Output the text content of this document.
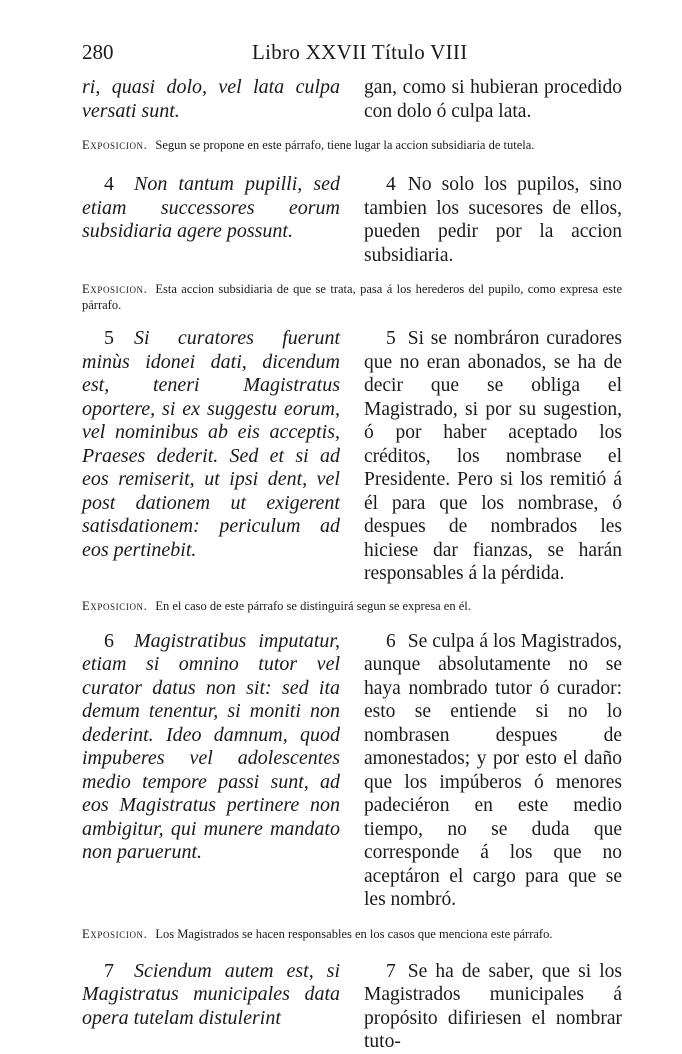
280	Libro XXVII Título VIII

ri, quasi dolo, vel lata culpa versati sunt.

gan, como si hubieran procedido con dolo ó culpa lata.

Exposicion. Segun se propone en este párrafo, tiene lugar la accion subsidiaria de tutela.

4 Non tantum pupilli, sed etiam successores eorum subsidiaria agere possunt.

4 No solo los pupilos, sino tambien los sucesores de ellos, pueden pedir por la accion subsidiaria.

Exposicion. Esta accion subsidiaria de que se trata, pasa á los herederos del pupilo, como expresa este párrafo.

5 Si curatores fuerunt minùs idonei dati, dicendum est, teneri Magistratus oportere, si ex suggestu eorum, vel nominibus ab eis acceptis, Praeses dederit. Sed et si ad eos remiserit, ut ipsi dent, vel post dationem ut exigerent satisdationem: periculum ad eos pertinebit.

5 Si se nombráron curadores que no eran abonados, se ha de decir que se obliga el Magistrado, si por su sugestion, ó por haber aceptado los créditos, los nombrase el Presidente. Pero si los remitió á él para que los nombrase, ó despues de nombrados les hiciese dar fianzas, se harán responsables á la pérdida.

Exposicion. En el caso de este párrafo se distinguirá segun se expresa en él.

6 Magistratibus imputatur, etiam si omnino tutor vel curator datus non sit: sed ita demum tenentur, si moniti non dederint. Ideo damnum, quod impuberes vel adolescentes medio tempore passi sunt, ad eos Magistratus pertinere non ambigitur, qui munere mandato non paruerunt.

6 Se culpa á los Magistrados, aunque absolutamente no se haya nombrado tutor ó curador: esto se entiende si no lo nombrasen despues de amonestados; y por esto el daño que los impúberos ó menores padeciéron en este medio tiempo, no se duda que corresponde á los que no aceptáron el cargo para que se les nombró.

Exposicion. Los Magistrados se hacen responsables en los casos que menciona este párrafo.

7 Sciendum autem est, si Magistratus municipales data opera tutelam distulerint

7 Se ha de saber, que si los Magistrados municipales á propósito difiriesen el nombrar tuto-
